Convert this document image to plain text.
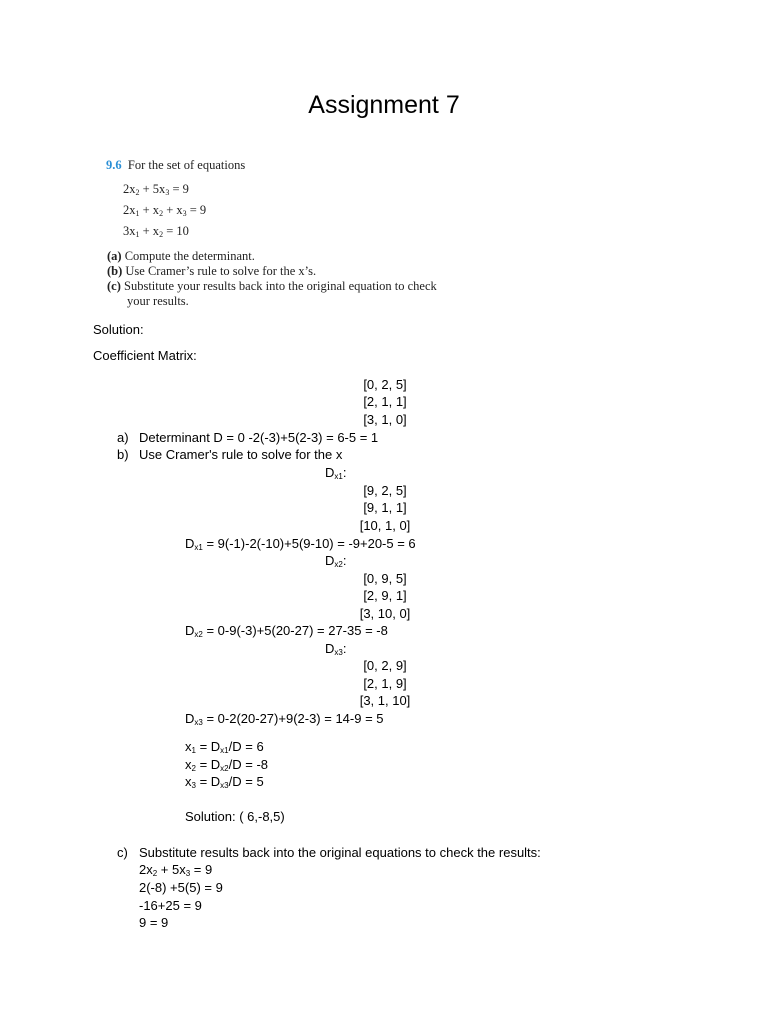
Assignment 7
9.6 For the set of equations
$2x_2 + 5x_3 = 9$
$2x_1 + x_2 + x_3 = 9$
$3x_1 + x_2 = 10$
(a) Compute the determinant.
(b) Use Cramer’s rule to solve for the x’s.
(c) Substitute your results back into the original equation to check
your results.
Solution:
Coefficient Matrix:
[0, 2, 5]
[2, 1, 1]
[3, 1, 0]
a) Determinant D = 0 -2(-3)+5(2-3) = 6-5 = 1
b) Use Cramer's rule to solve for the x
$D_{x1}$:
[9, 2, 5]
[9, 1, 1]
[10, 1, 0]
$D_{x1} = 9(-1)-2(-10)+5(9-10) = -9+20-5 = 6$
$D_{x2}$:
[0, 9, 5]
[2, 9, 1]
[3, 10, 0]
$D_{x2} = 0-9(-3)+5(20-27) = 27-35 = -8$
$D_{x3}$:
[0, 2, 9]
[2, 1, 9]
[3, 1, 10]
$D_{x3} = 0-2(20-27)+9(2-3) = 14-9 = 5$
$x_1 = D_{x1}/D = 6$
$x_2 = D_{x2}/D = -8$
$x_3 = D_{x3}/D = 5$
Solution: ( 6,-8,5)
c) Substitute results back into the original equations to check the results:
$2x_2 + 5x_3 = 9$
2(-8) +5(5) = 9
-16+25 = 9
9 = 9
